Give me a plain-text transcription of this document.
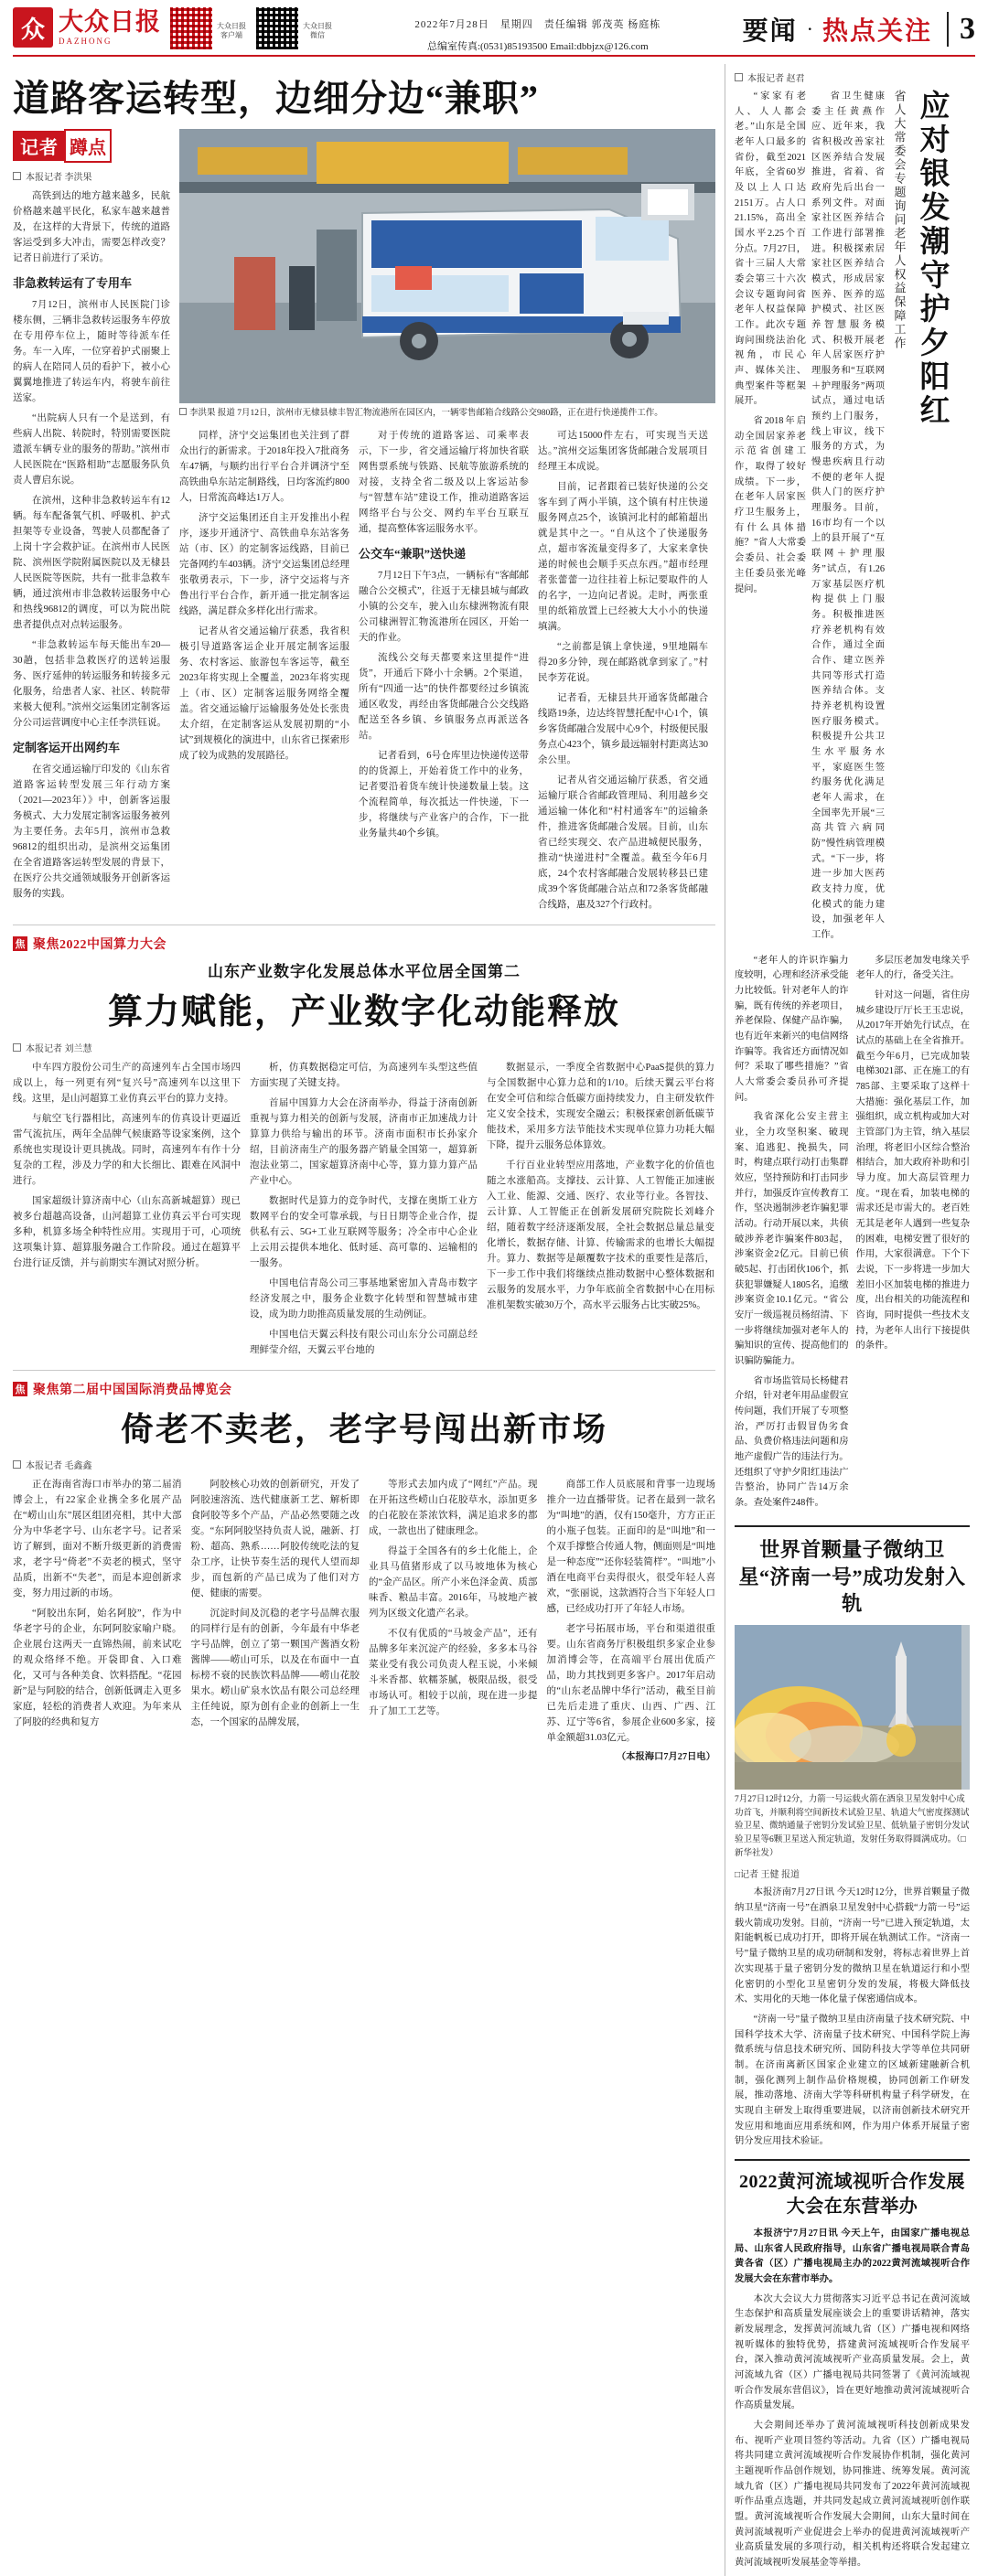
众 大众日报
DAZHONG
大众日报客户端
大众日报微信
2022年7月28日　星期四　责任编辑 郭茂英 杨庭栋
总编室传真:(0531)85193500 Email:dbbjzx@126.com
要闻 · 热点关注 3
道路客运转型，边细分边“兼职”
记者 蹲点
本报记者 李洪果

高铁到达的地方越来越多，民航价格越来越平民化，私家车越来越普及，在这样的大背景下，传统的道路客运受到多大冲击，需要怎样改变？记者日前进行了采访。

非急救转运有了专用车

7月12日，滨州市人民医院门诊楼东侧，三辆非急救转运服务车停放在专用停车位上，随时等待派车任务。车一入库，一位穿着护式丽聚上的病人在陪同人员的看护下，被小心翼翼地推进了转运车内，将驶车前往送家。

“出院病人只有一个是送到，有些病人出院、转院时，特别需要医院遗派车辆专业的服务的帮助。”滨州市人民医院在“医路相助”志愿服务队负责人曹启东说。

在滨州，这种非急救转运车有12辆。每车配备氧气机、呼吸机、护式担架等专业设备，驾驶人员都配备了上岗十字会救护证。在滨州市人民医院、滨州医学院附属医院以及无棣县人民医院等医院，共有一批非急救车辆，通过滨州市非急救转运服务中心和热线96812的调度，可以为院出院患者提供点对点转运服务。

“非急救转运车每天能出车20—30趟，包括非急救医疗的送转运服务、医疗延伸的转运服务和转接多元化服务，给患者人家、社区、转院带来极大便利。”滨州交运集团定制客运分公司运营调度中心主任李洪钰说。

定制客运开出网约车

在省交通运输厅印发的《山东省道路客运转型发展三年行动方案（2021—2023年）》中，创新客运服务模式、大力发展定制客运服务被列为主要任务。去年5月，滨州市急救96812的组织出动，是滨州交运集团在全省道路客运转型发展的背景下，在医疗公共交通领域服务开创新客运服务的实践。

李洪果 报道 7月12日，滨州市无棣县棣丰智汇物流港所在园区内，一辆零售邮箱合线路公交980路，正在进行快递揽件工作。

同样，济宁交运集团也关注到了群众出行的新需求。于2018年投入7批商务车47辆，与顺约出行平台合并调济宁至高铁曲阜东站定制路线，日均客流约800人，日常流高峰达1万人。

济宁交运集团还自主开发推出小程序，逐步开通济宁、高铁曲阜东站客务站（市、区）的定制客运线路，目前已完备网约车403辆。济宁交运集团总经理张敬勇表示，下一步，济宁交运将与齐鲁出行平台合作，新开通一批定制客运线路，满足群众多样化出行需求。

记者从省交通运输厅获悉，我省积极引导道路客运企业开展定制客运服务、农村客运、旅游包车客运等，截至2023年将实现上全覆盖，2023年将实现上（市、区）定制客运服务网络全覆盖。省交通运输厅运输服务处处长张贵太介绍，在定制客运从发展初期的“小试”到规模化的演进中，山东省已探索形成了较为成熟的发展路径。

对于传统的道路客运、司乘率表示，下一步，省交通运输厅将加快省联网售票系统与铁路、民航等旅游系统的对接，支持全省二级及以上客运站参与“智慧车站”建设工作，推动道路客运网络平台与公交、网约车平台互联互通，提高整体客运服务水平。

公交车“兼职”送快递

7月12日下午3点，一辆标有“客邮邮融合公交模式”，往返于无棣县城与邮政小镇的公交车，驶入山东棣洲物流有限公司棣洲智汇物流港所在园区，开始一天的作业。

流线公交每天都要来这里提件“进货”，开通后下降小十余辆。2个渠道，所有“四通一达”的快件都要经过乡镇流通区收发，再经由客货邮融合公交线路配送至各乡镇、乡镇服务点再派送各站。

记者看到，6号仓库里边快递传送带的的货源上，开始着货工作中的业务，记者要沿着货车统计快递数量上装。这个流程简单，每次抵达一件快递，下一步，将继续与产业客户的合作，下一批业务量共40个乡镇。

可达15000件左右，可实现当天送达。”滨州交运集团客货邮融合发展项目经理王本成说。

目前，记者跟着已装好快递的公交客车到了两小半镇，这个镇有村庄快递服务网点25个，该镇河北村的邮箱超出就是其中之一。“自从这个了快递服务点，超市客流量变得多了，大家来拿快递的时候也会顺手买点东西。”超市经理者张蕾蕾一边往挂着上标记要取件的人的名字，一边向记者说。走时，两张重里的纸箱放置上已经被大大小小的快递填满。

“之前都是镇上拿快递，9里地隔车得20多分钟，现在邮路就拿到家了。”村民李芳花说。

记者看，无棣县共开通客货邮融合线路19条，边达终智慧托配中心1个，镇乡客货邮融合发展中心9个，村级便民服务点心423个，镇乡最远辐射村距离达30余公里。

记者从省交通运输厅获悉，省交通运输厅联合省邮政管理局、利用越乡交通运输一体化和“村村通客车”的运输条件，推进客货邮融合发展。目前，山东省已经实现交、农产品进城便民服务，推动“快递进村”全覆盖。截至今年6月底，24个农村客邮融合发展转移县已建成39个客货邮融合站点和72条客货邮融合线路，惠及327个行政村。

焦 聚焦2022中国算力大会
山东产业数字化发展总体水平位居全国第二
算力赋能，产业数字化动能释放
本报记者 刘兰慧

中车四方股份公司生产的高速列车占全国市场四成以上，每一列更有列“复兴号”高速列车以这里下线。这里，是山河超算工业仿真云平台的算力支持。

与航空飞行器相比，高速列车的仿真设计更逼近雷气流抗压，两年全品牌气候康路等设家案例，这个系统也实现设计更具挑战。同时，高速列车有作十分复杂的工程，涉及力学的和大长细比、跟难在风洞中进行。

国家超级计算济南中心（山东高新城超算）现已被多台超越高设备，山河超算工业仿真云平台可实现多种，机算多场全种特性应用。实现用于可，心项统这项集计算、超算服务融合工作阶段。通过在超算平台进行证反馈，并与前期实车测试对照分析。

析，仿真数据稳定可信，为高速列车头型这些值方面实现了关键支持。

首届中国算力大会在济南举办，得益于济南创新重视与算力相关的创新与发展，济南市正加速战力计算算力供给与输出的环节。济南市面积市长孙家介绍，目前济南生产的服务器产销量全国第一，超算新泡法业第二，国家超算济南中心等，算力算力算产品产业中心。

数据时代是算力的竞争时代，支撑在奥斯工业方数网平台的安全可靠承载，与日日期等企业合作，提供私有云、5G+工业互联网等服务；冷全市中心企业上云用云提供本地化、低时延、高可靠的、运输相的一服务。

中国电信青岛公司三事基地紧密加入青岛市数字经济发展之中，服务企业数字化转型和智慧城市建设，成为助力助推高质量发展的生动例证。

中国电信天翼云科技有限公司山东分公司副总经理鲜莹介绍，天翼云平台地的

数据显示，一季度全省数据中心PaaS提供的算力与全国数据中心算力总和的1/10。后续天翼云平台将在安全可信和综合低碳方面持续发力，自主研发软件定义安全技术，实现安全融云；积极探索创新低碳节能技术，采用多方法节能技术实现单位算力功耗大幅下降，提升云服务总体算效。

千行百业业转型应用落地，产业数字化的价值也随之水涨船高。支撑技、云计算、人工智能正加速嵌入工业、能源、交通、医疗、农业等行业。各智技、云计算、人工智能正在创新发展研究院院长刘峰介绍，随着数字经济逐渐发展，全社会数据总量总量变化增长，数据存储、计算、传输需求的也增长大幅提升。算力、数据等是颠覆数字技术的重要性是落后，下一步工作中我们将继续点推动数据中心整体数据和云服务的发展水平，力争年底前全省数据中心在用标准机架数实破30万个，高水平云服务占比实破25%。

焦 聚焦第二届中国国际消费品博览会
倚老不卖老，老字号闯出新市场
本报记者 毛鑫鑫

正在海南省海口市举办的第二届消博会上，有22家企业携全多化展产品在“崂山山东”展区组团亮相，其中大部分为中华老字号、山东老字号。记者采访了解到，面对不断升级更新的消费需求，老字号“倚老”不卖老的模式，坚守品质，出新不“失老”，而是本迎创新求变，努力用过新的市场。

“阿胶出东阿，始名阿胶”，作为中华老字号的企业，东阿阿胶家喻户晓。企业展台这两天一直锦热闹，前来试吃的观众络绎不绝。开袋即食、入口难化，又可与各种美食、饮料搭配。“花园新”是与阿胶的结合，创新低调走入更多家庭，轻松的消费者人欢迎。为年来从了阿胶的经典和复方

阿胶核心功效的创新研究，开发了阿胶速溶流、迭代健康新工艺、解析即食阿胶等多个产品，产品必然要随之改变。“东阿阿胶坚持负责人说，融新、打粉、超高、熟系……阿胶传统吃法的复杂工序，让快节奏生活的现代人望而却步，而包新的产品已成为了他们对方便、健康的需要。

沉淀时间及沉稳的老字号品牌衣服的同样行是有的创新，今年最有中华老字号品牌，创立了第一颗国产酱酒女粉酱牌——崂山可乐，以及在布面中一直标榜不衰的民族饮料品牌——崂山花胶果水。崂山矿泉水饮品有限公司总经理主任纯说，原为创有企业的创新上一生态，一个国家的品牌发展，

等形式去加内成了“网红”产品。现在开拓这些崂山白花胶草水，添加更多的白花胶在茶浓饮料，满足追求多的都成，一款也出了健康理念。

得益于全国各有的乡土化能上，企业具马值猪形成了以马坡地体为核心的“金产品区。所产小米色泽金黄、质部味香、粮品丰富。2016年，马坡地产被列为区级文化遗产名录。

不仅有优质的“马坡金产品”，还有品牌多年来沉淀产的经验，多多本马谷菜业受有我公司负责人程玉说，小米倾斗米香都、软糯茶腻，极限品级，很受市场认可。相较于以前，现在进一步提升了加工工艺等。

商部工作人员底展和背事一边现场推介一边直播带货。记者在最到一款名为“叫地”的酒，仅有150毫升，方方正正的小瓶子包装。正面印的是“叫地”和一个双手撑整合传通人物，侧面则是“叫地是一种态度”“还你轻装简样”。“叫地”小酒在电商平台卖得很火，很受年轻人喜欢，“张丽说，这款酒符合当下年轻人口感，已经成功打开了年轻人市场。

老字号拓展市场，平台和渠道很重要。山东省商务厅积极组织多家企业参加消博会等，在高端平台展出优质产品，助力其找到更多客户。2017年启动的“山东老品牌中华行”活动，截至目前已先后走进了重庆、山西、广西、江苏、辽宁等6省，参展企业600多家，接单金额超31.03亿元。

（本报海口7月27日电）
本报记者 赵君

“家家有老人、人人都会老。”山东是全国老年人口最多的省份，截至2021年底，全省60岁及以上人口达2151万。占人口21.15%，高出全国水平2.25个百分点。7月27日，省十三届人大常委会第三十六次会议专题询问省老年人权益保障工作。此次专题询问围绕法治化视角，市民心声、媒体关注、典型案件等框架展开。

省2018年启动全国居家养老示范省创建工作，取得了较好成绩。下一步，在老年人居家医疗卫生服务上，有什么具体措施？”省人大常委会委员、社会委主任委员张光峰提问。

省卫生健康委主任黄燕作应、近年来，我省积极改善家社区医养结合发展推进，省着、省政府先后出台一系列文件。对面家社区医养结合工作进行部署推进。积极探索居家社区医养结合模式，形成居家医养、医养的巡护模式、社区医养智慧服务模式、积极开展老年人居家医疗护理服务和“互联网＋护理服务”两项试点，通过电话预约上门服务，线上审议，线下服务的方式，为慢患疾病且行动不便的老年人提供人门的医疗护理服务。目前，16市均有一个以上的县开展了“互联网＋护理服务”试点，有1.26万家基层医疗机构提供上门服务。积极推进医疗养老机构有效合作，通过全面合作、建立医养共同等形式打造医养结合体。支持养老机构设置医疗服务模式。积极提升公共卫生水平服务水平，家庭医生签约服务优化满足老年人需求，在全国率先开展“三高共管六病同防”慢性病管理模式。“下一步，将进一步加大医药政支持力度，优化模式的能力建设，加强老年人工作。

省人大常委会专题询问老年人权益保障工作 应对银发潮守护夕阳红

“老年人的许识诈骗力度较明，心理和经济承受能力比较低。针对老年人的诈骗，既有传统的养老项目，养老保险、保健产品诈骗，也有近年来新兴的电信网络诈骗等。我省还方面情况如何？采取了哪些措施？”省人大常委会委员孙可齐提问。

我省深化公安主营主业，全力攻坚积案、破现案、追逃犯、挽损失，同时，构建点联行动打击集群效应，坚持预防和打击同步并行，加强反诈宣传教育工作，坚决遏制涉老诈骗犯罪活动。行动开展以来，共侦破涉养老诈骗案件803起，涉案资金2亿元。目前已侦破5起、打击团伙106个，抓获犯罪嫌疑人1805名，追缴涉案资金10.1亿元。“省公安厅一级巡视员杨绍清、下一步将继续加强对老年人的骗知识的宣传、提高他们的识骗防骗能力。

省市场监管局长杨健君介绍，针对老年用品虚假宣传问题，我们开展了专项整治，严厉打击假冒伪劣食品、负费价格违法问题和房地产虚假广告的违法行为。还组织了守护夕阳红违法广告整治，协同广告14万余条。查处案件248件。

多层压老加发电缘关乎老年人的行，备受关注。

针对这一问题，省住房城乡建设厅厅长王玉忠说，从2017年开始先行试点，在试点的基础上在全省推开。截至今年6月，已完成加装电梯3021部、正在施工的有785部、主要采取了这样十大措施：强化基层工作，加强组织，成立机构或加大对主管部门为主管，纳入基层治理，将老旧小区综合整治相结合，加大政府补助和引导力度。加大高层管理力度。“现在看，加装电梯的需求还是市需大的。老百姓无其是老年人遇到一些复杂的困难，电梯安置了很好的作用，大家很满意。下个下去说，下一步将进一步加大差旧小区加装电梯的推进力度，出台相关的功能流程和咨询，同时提供一些技术支持，为老年人出行下接提供的条件。

世界首颗量子微纳卫星“济南一号”成功发射入轨
7月27日12时12分，力箭一号运载火箭在酒泉卫星发射中心成功首飞，并顺利将空间新技术试验卫星、轨道大气密度探测试验卫星、微纳通量子密钥分发试验卫星、低轨量子密钥分发试验卫星等6颗卫星送入预定轨道，发射任务取得圆满成功。（□新华社发）
□记者 王健 报道

本报济南7月27日讯 今天12时12分，世界首颗量子微纳卫星“济南一号”在酒泉卫星发射中心搭载“力箭一号”运载火箭成功发射。目前，“济南一号”已进入预定轨道，太阳能帆板已成功打开，即将开展在轨测试工作。“济南一号”量子微纳卫星的成功研制和发射，将标志着世界上首次实现基于量子密钥分发的微纳卫星在轨道运行和小型化密钥的小型化卫星密钥分发的发展，将极大降低技术、实用化的天地一体化量子保密通信成本。

“济南一号”量子微纳卫星由济南量子技术研究院、中国科学技术大学、济南量子技术研究、中国科学院上海微系统与信息技术研究所、国防科技大学等单位共同研制。在济南离新区国家企业建立的区域新建融新合机制，强化测列上制作品价格规模，协同创新工作研发展，推动落地、济南大学等科研机构量子科学研发，在实现自主研发上取得重要进展，以济南创新技术研究开发应用和地面应用系统和网，作为用户体系开展量子密钥分发应用技术验证。

2022黄河流域视听合作发展大会在东营举办

本报济宁7月27日讯 今天上午，由国家广播电视总局、山东省人民政府指导，山东省广播电视局联合青岛黄各省（区）广播电视局主办的2022黄河流域视听合作发展大会在东营市举办。

本次大会议大力贯彻落实习近平总书记在黄河流域生态保护和高质量发展座谈会上的重要讲话精神，落实新发展理念，发挥黄河流域九省（区）广播电视和网络视听媒体的独特优势，搭建黄河流域视听合作发展平台，深入推动黄河流域视听产业高质量发展。会上，黄河流域九省（区）广播电视局共同签署了《黄河流域视听合作发展东营倡议》，旨在更好地推动黄河流域视听合作高质量发展。

大会期间还举办了黄河流域视听科技创新成果发布、视听产业项目签约等活动。九省（区）广播电视局将共同建立黄河流域视听合作发展协作机制，强化黄河主题视听作品创作规划，协同推进、统筹发展。黄河流域九省（区）广播电视局共同发布了2022年黄河流域视听作品重点选题，并共同发起成立黄河流域视听创作联盟。黄河流域视听合作发展大会期间，山东大量时间在黄河流域视听产业促进会上举办的促进黄河流域视听产业高质量发展的多项行动，相关机构还将联合发起建立黄河流域视听发展基金等举措。
